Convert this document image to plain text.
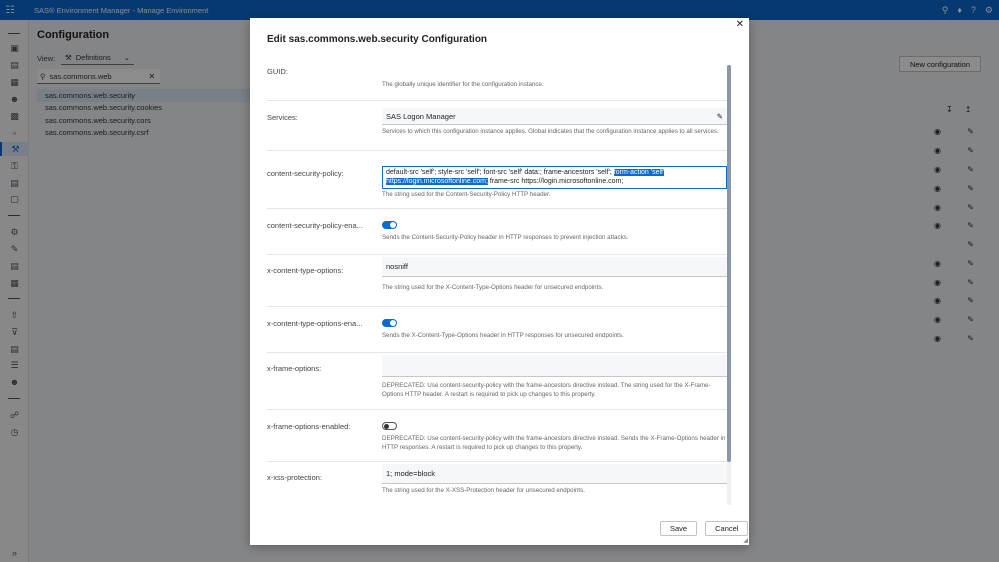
☷	SAS® Environment Manager - Manage Environment	⚲ ♦ ? ⚙
▣
▤
▦
☻
▩
▫
⚒
⚿
▤
▢
⚙
✎
▤
▦
⇧
⊽
▤
☰
☻
☍
◷
»
Configuration
View: ⚒ Definitions ⌄
⚲
sas.commons.web	✕
sas.commons.web.security
sas.commons.web.security.cookies
sas.commons.web.security.cors
sas.commons.web.security.csrf
New configuration
↧ ↥
◉	✎
◉	✎
◉	✎
◉	✎
◉	✎
◉	✎
✎
◉	✎
◉	✎
◉	✎
◉	✎
◉	✎
✕
Edit sas.commons.web.security Configuration
GUID:
The globally unique identifier for the configuration instance.
Services:	SAS Logon Manager	✎
Services to which this configuration instance applies. Global indicates that the configuration instance applies to all services.
content-security-policy:	default-src 'self'; style-src 'self'; font-src 'self' data:; frame-ancestors 'self'; form-action 'self' https://login.microsoftonline.com; frame-src https://login.microsoftonline.com;
The string used for the Content-Security-Policy HTTP header.
content-security-policy-ena...
Sends the Content-Security-Policy header in HTTP responses to prevent injection attacks.
x-content-type-options:	nosniff
The string used for the X-Content-Type-Options header for unsecured endpoints.
x-content-type-options-ena...
Sends the X-Content-Type-Options header in HTTP responses for unsecured endpoints.
x-frame-options:
DEPRECATED: Use content-security-policy with the frame-ancestors directive instead. The string used for the X-Frame-Options HTTP header. A restart is required to pick up changes to this property.
x-frame-options-enabled:
DEPRECATED: Use content-security-policy with the frame-ancestors directive instead. Sends the X-Frame-Options header in HTTP responses. A restart is required to pick up changes to this property.
x-xss-protection:	1; mode=block
The string used for the X-XSS-Protection header for unsecured endpoints.
Save	Cancel
◢
